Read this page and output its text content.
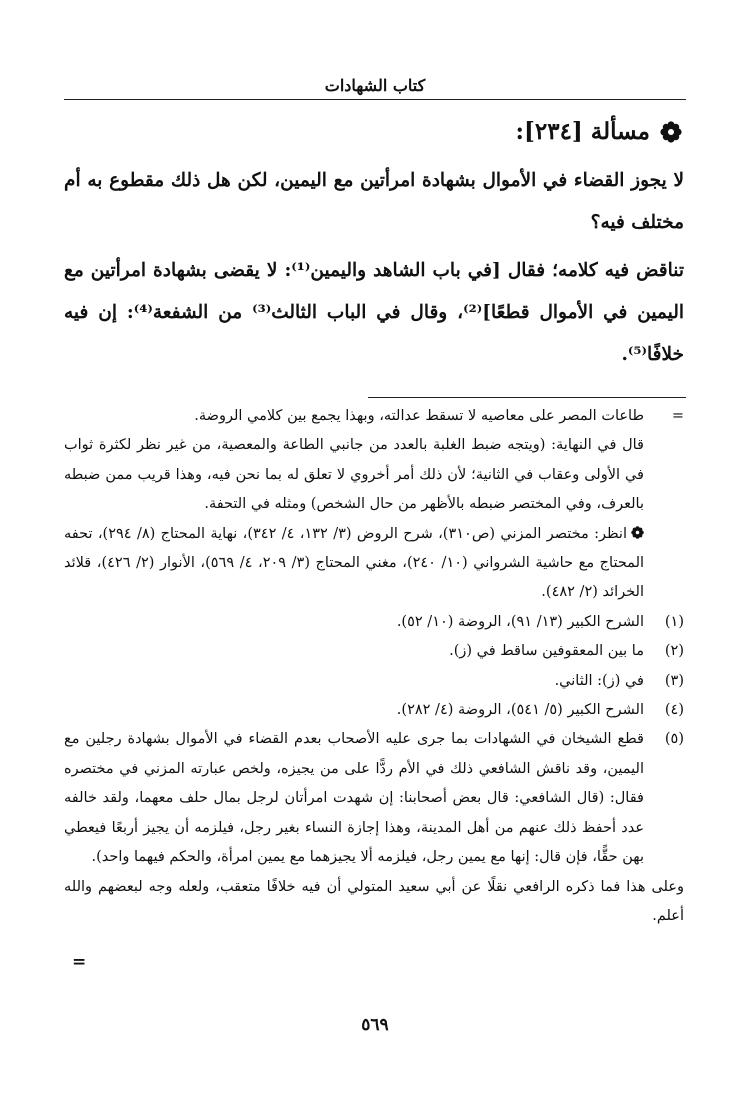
كتاب الشهادات
مسألة [٢٣٤]:

لا يجوز القضاء في الأموال بشهادة امرأتين مع اليمين، لكن هل ذلك مقطوع به أم مختلف فيه؟

تناقض فيه كلامه؛ فقال [في باب الشاهد واليمين⁽¹⁾: لا يقضى بشهادة امرأتين مع اليمين في الأموال قطعًا]⁽²⁾، وقال في الباب الثالث⁽³⁾ من الشفعة⁽⁴⁾: إن فيه خلافًا⁽⁵⁾.

=
طاعات المصر على معاصيه لا تسقط عدالته، وبهذا يجمع بين كلامي الروضة.

قال في النهاية: (ويتجه ضبط الغلبة بالعدد من جانبي الطاعة والمعصية، من غير نظر لكثرة ثواب في الأولى وعقاب في الثانية؛ لأن ذلك أمر أخروي لا تعلق له بما نحن فيه، وهذا قريب ممن ضبطه بالعرف، وفي المختصر ضبطه بالأظهر من حال الشخص) ومثله في التحفة.

انظر: مختصر المزني (ص٣١٠)، شرح الروض (٣/ ١٣٢، ٤/ ٣٤٢)، نهاية المحتاج (٨/ ٢٩٤)، تحفه المحتاج مع حاشية الشرواني (١٠/ ٢٤٠)، مغني المحتاج (٣/ ٢٠٩، ٤/ ٥٦٩)، الأنوار (٢/ ٤٢٦)، قلائد الخرائد (٢/ ٤٨٢).

(١)
الشرح الكبير (١٣/ ٩١)، الروضة (١٠/ ٥٢).
(٢)
ما بين المعقوفين ساقط في (ز).
(٣)
في (ز): الثاني.
(٤)
الشرح الكبير (٥/ ٥٤١)، الروضة (٤/ ٢٨٢).
(٥)
قطع الشيخان في الشهادات بما جرى عليه الأصحاب بعدم القضاء في الأموال بشهادة رجلين مع اليمين، وقد ناقش الشافعي ذلك في الأم ردًّا على من يجيزه، ولخص عبارته المزني في مختصره فقال: (قال الشافعي: قال بعض أصحابنا: إن شهدت امرأتان لرجل بمال حلف معهما، ولقد خالفه عدد أحفظ ذلك عنهم من أهل المدينة، وهذا إجازة النساء بغير رجل، فيلزمه أن يجيز أربعًا فيعطي بهن حقًّا، فإن قال: إنها مع يمين رجل، فيلزمه ألا يجيزهما مع يمين امرأة، والحكم فيهما واحد).

وعلى هذا فما ذكره الرافعي نقلًا عن أبي سعيد المتولي أن فيه خلافًا متعقب، ولعله وجه لبعضهم والله أعلم.

=
٥٦٩
